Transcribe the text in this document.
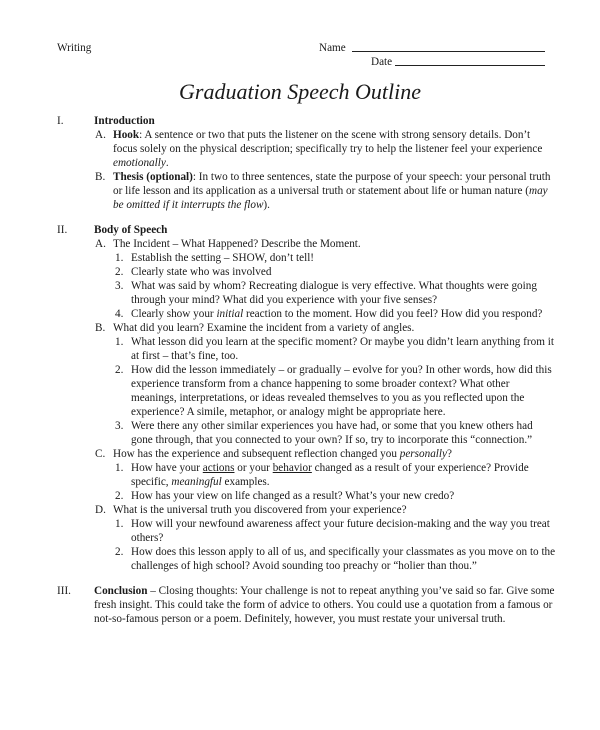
Writing	Name
Date
Graduation Speech Outline
I.	Introduction
A. Hook: A sentence or two that puts the listener on the scene with strong sensory details. Don’t focus solely on the physical description; specifically try to help the listener feel your experience emotionally.

B. Thesis (optional): In two to three sentences, state the purpose of your speech: your personal truth or life lesson and its application as a universal truth or statement about life or human nature (may be omitted if it interrupts the flow).

II. Body of Speech
A. The Incident – What Happened? Describe the Moment.

1. Establish the setting – SHOW, don’t tell!

2. Clearly state who was involved

3. What was said by whom? Recreating dialogue is very effective. What thoughts were going through your mind? What did you experience with your five senses?

4. Clearly show your initial reaction to the moment. How did you feel? How did you respond?

B. What did you learn? Examine the incident from a variety of angles.

1. What lesson did you learn at the specific moment? Or maybe you didn’t learn anything from it at first – that’s fine, too.

2. How did the lesson immediately – or gradually – evolve for you? In other words, how did this experience transform from a chance happening to some broader context? What other meanings, interpretations, or ideas revealed themselves to you as you reflected upon the experience? A simile, metaphor, or analogy might be appropriate here.

3. Were there any other similar experiences you have had, or some that you knew others had gone through, that you connected to your own? If so, try to incorporate this “connection.”

C. How has the experience and subsequent reflection changed you personally?

1. How have your actions or your behavior changed as a result of your experience? Provide specific, meaningful examples.

2. How has your view on life changed as a result? What’s your new credo?

D. What is the universal truth you discovered from your experience?

1. How will your newfound awareness affect your future decision-making and the way you treat others?

2. How does this lesson apply to all of us, and specifically your classmates as you move on to the challenges of high school? Avoid sounding too preachy or “holier than thou.”

III. Conclusion – Closing thoughts: Your challenge is not to repeat anything you’ve said so far. Give some fresh insight. This could take the form of advice to others. You could use a quotation from a famous or not-so-famous person or a poem. Definitely, however, you must restate your universal truth.
